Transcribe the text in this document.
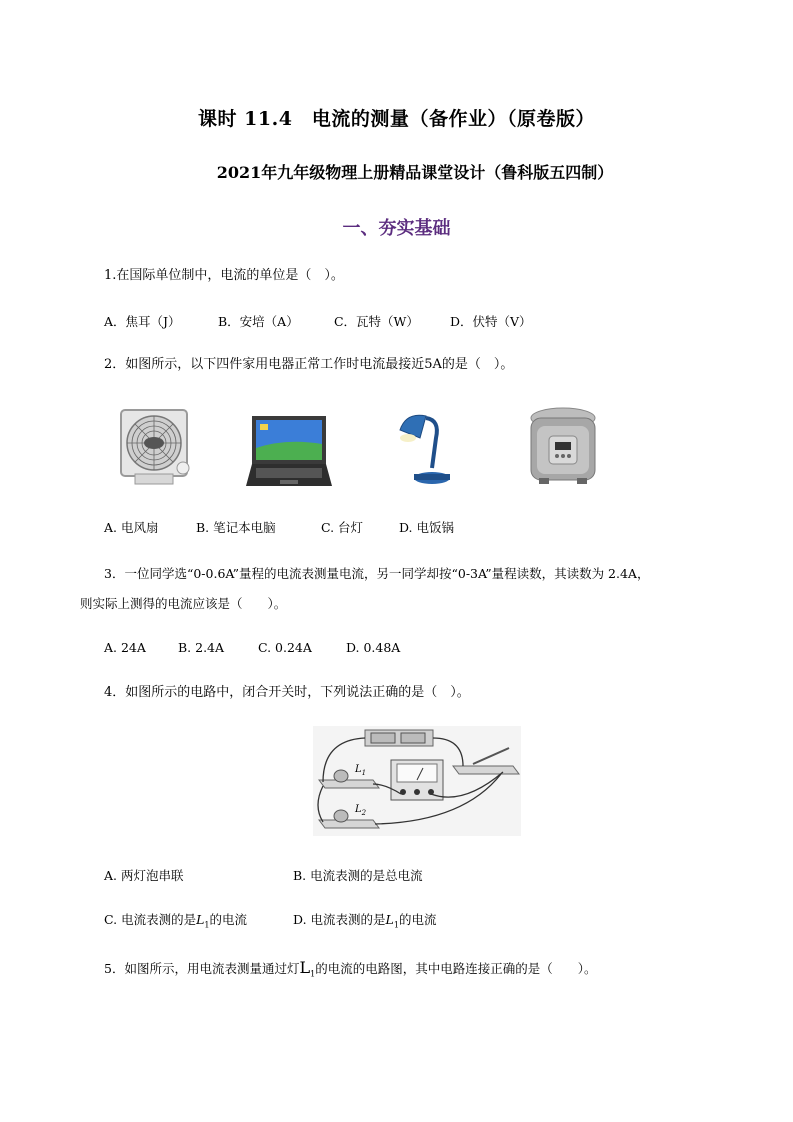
课时 11.4　电流的测量（备作业）（原卷版）
2021年九年级物理上册精品课堂设计（鲁科版五四制）
一、夯实基础
1.在国际单位制中，电流的单位是（　）。
A．焦耳（J）	B．安培（A）	C．瓦特（W） D．伏特（V）
2．如图所示，以下四件家用电器正常工作时电流最接近5A的是（　）。
A. 电风扇	B. 笔记本电脑	C. 台灯	D. 电饭锅
3．一位同学选“0-0.6A”量程的电流表测量电流，另一同学却按“0-3A”量程读数，其读数为 2.4A，
则实际上测得的电流应该是（　　）。
A. 24A	B. 2.4A	C. 0.24A	D. 0.48A
4．如图所示的电路中，闭合开关时，下列说法正确的是（　）。
$L_1$
$L_2$
A. 两灯泡串联	B. 电流表测的是总电流
C. 电流表测的是$L_1$的电流	D. 电流表测的是$L_1$的电流
5．如图所示，用电流表测量通过灯$L_1$的电流的电路图，其中电路连接正确的是（　　）。
